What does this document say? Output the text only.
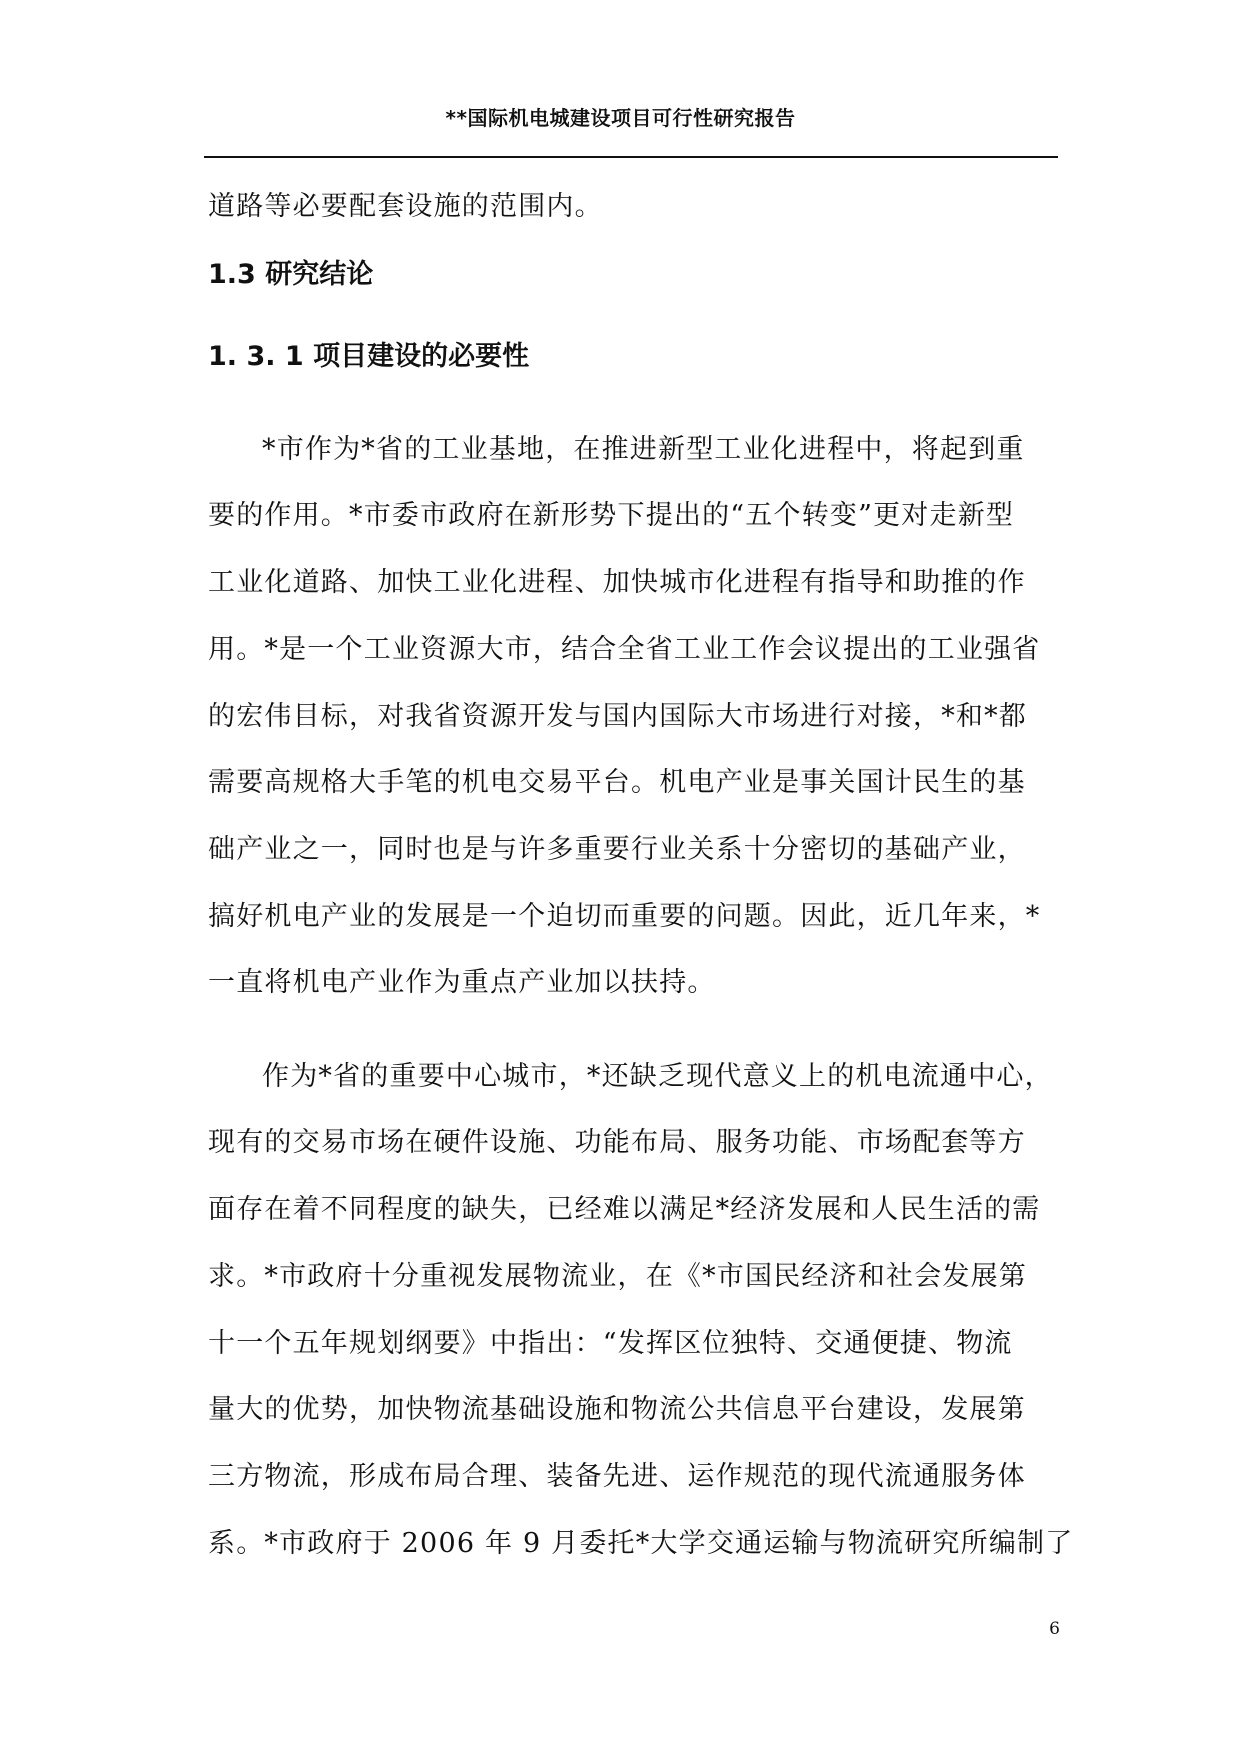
**国际机电城建设项目可行性研究报告
道路等必要配套设施的范围内。
1.3 研究结论
1. 3. 1 项目建设的必要性
*市作为*省的工业基地，在推进新型工业化进程中，将起到重
要的作用。*市委市政府在新形势下提出的“五个转变”更对走新型
工业化道路、加快工业化进程、加快城市化进程有指导和助推的作
用。*是一个工业资源大市，结合全省工业工作会议提出的工业强省
的宏伟目标，对我省资源开发与国内国际大市场进行对接，*和*都
需要高规格大手笔的机电交易平台。机电产业是事关国计民生的基
础产业之一，同时也是与许多重要行业关系十分密切的基础产业，
搞好机电产业的发展是一个迫切而重要的问题。因此，近几年来，*
一直将机电产业作为重点产业加以扶持。
作为*省的重要中心城市，*还缺乏现代意义上的机电流通中心，
现有的交易市场在硬件设施、功能布局、服务功能、市场配套等方
面存在着不同程度的缺失，已经难以满足*经济发展和人民生活的需
求。*市政府十分重视发展物流业，在《*市国民经济和社会发展第
十一个五年规划纲要》中指出：“发挥区位独特、交通便捷、物流
量大的优势，加快物流基础设施和物流公共信息平台建设，发展第
三方物流，形成布局合理、装备先进、运作规范的现代流通服务体
系。*市政府于 2006 年 9 月委托*大学交通运输与物流研究所编制了
6
